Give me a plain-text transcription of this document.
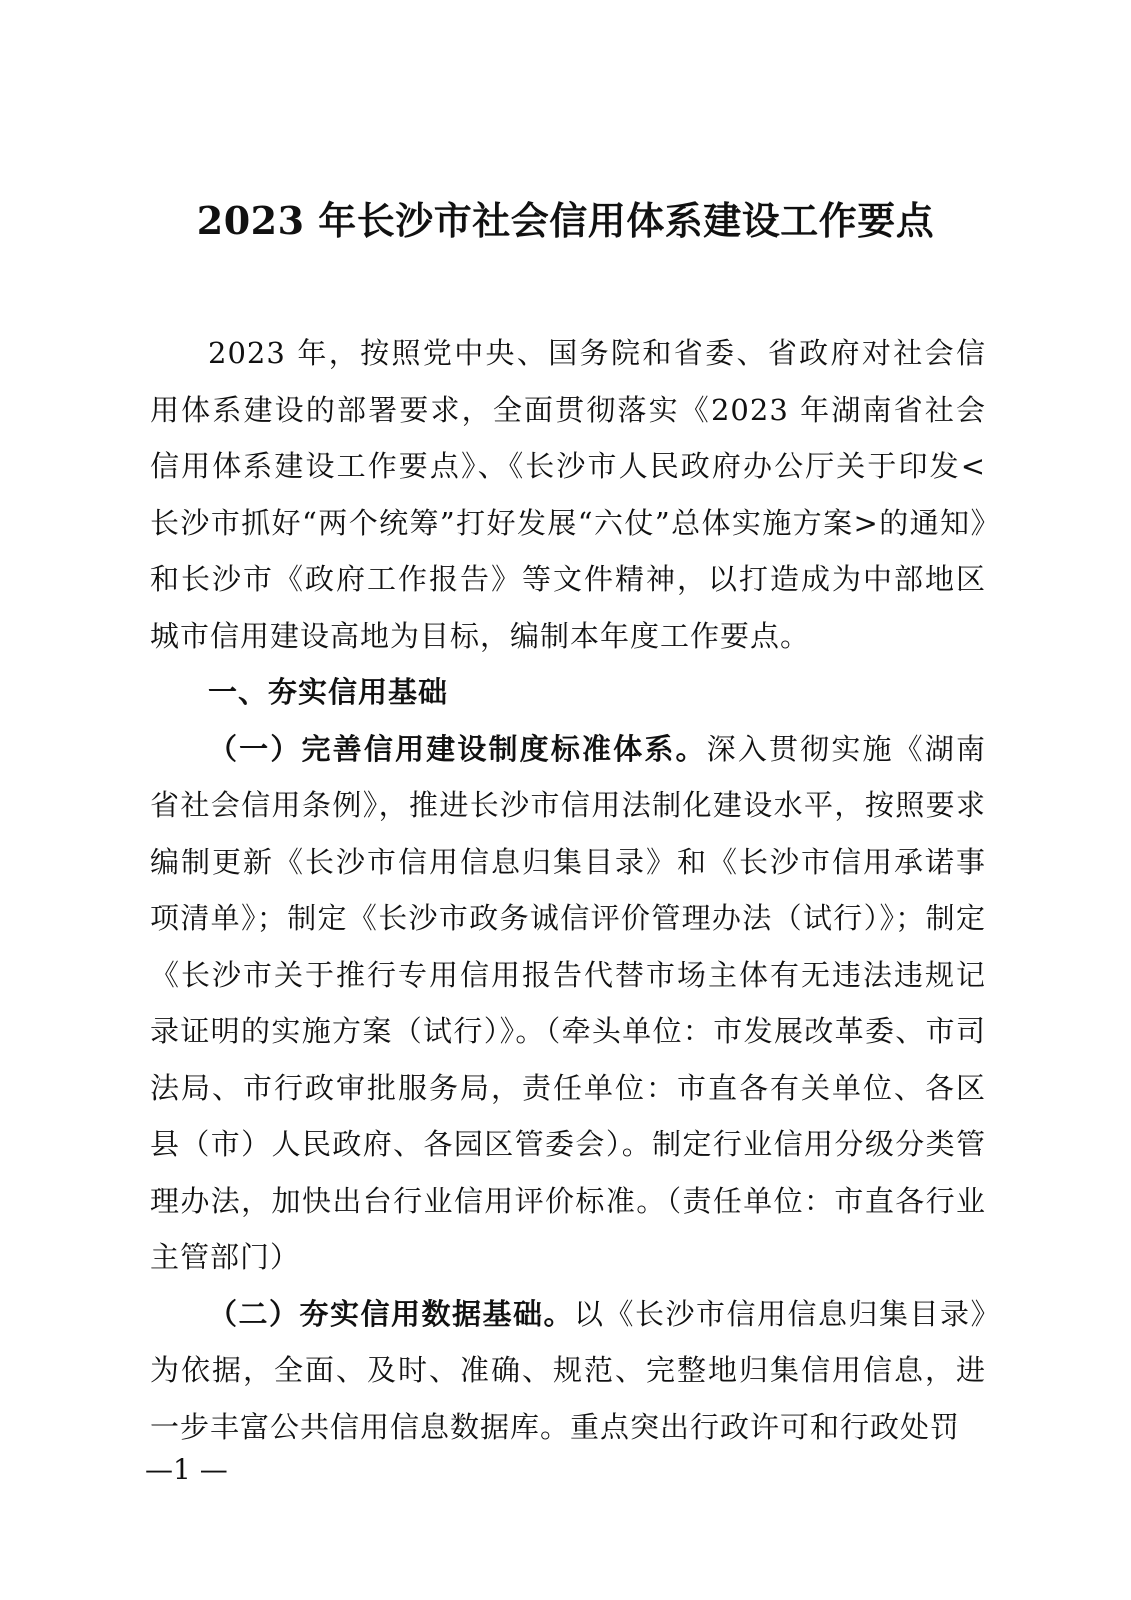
2023 年长沙市社会信用体系建设工作要点

2023 年，按照党中央、国务院和省委、省政府对社会信用体系建设的部署要求，全面贯彻落实《2023 年湖南省社会信用体系建设工作要点》、《长沙市人民政府办公厅关于印发<长沙市抓好“两个统筹”打好发展“六仗”总体实施方案>的通知》和长沙市《政府工作报告》等文件精神，以打造成为中部地区城市信用建设高地为目标，编制本年度工作要点。

一、夯实信用基础

（一）完善信用建设制度标准体系。深入贯彻实施《湖南省社会信用条例》，推进长沙市信用法制化建设水平，按照要求编制更新《长沙市信用信息归集目录》和《长沙市信用承诺事项清单》；制定《长沙市政务诚信评价管理办法（试行）》；制定《长沙市关于推行专用信用报告代替市场主体有无违法违规记录证明的实施方案（试行）》。（牵头单位：市发展改革委、市司法局、市行政审批服务局，责任单位：市直各有关单位、各区县（市）人民政府、各园区管委会）。制定行业信用分级分类管理办法，加快出台行业信用评价标准。（责任单位：市直各行业主管部门）

（二）夯实信用数据基础。以《长沙市信用信息归集目录》为依据，全面、及时、准确、规范、完整地归集信用信息，进一步丰富公共信用信息数据库。重点突出行政许可和行政处罚

—1 —
